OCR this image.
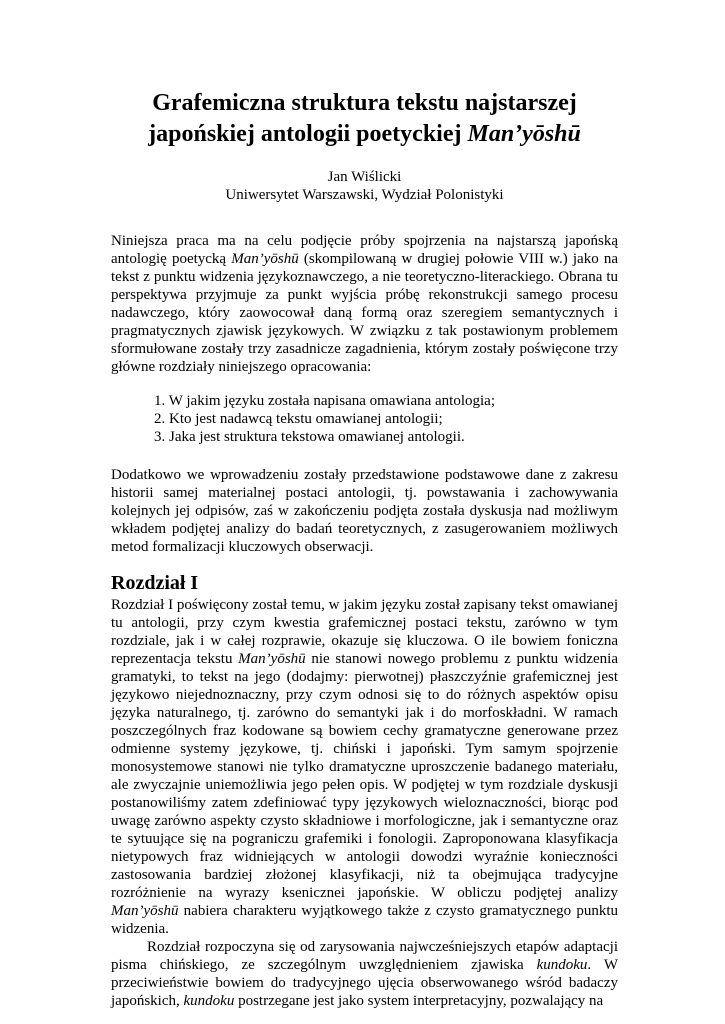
Grafemiczna struktura tekstu najstarszej
japońskiej antologii poetyckiej Man’yōshū
Jan Wiślicki
Uniwersytet Warszawski, Wydział Polonistyki

Niniejsza praca ma na celu podjęcie próby spojrzenia na najstarszą japońską antologię poetycką Man’yōshū (skompilowaną w drugiej połowie VIII w.) jako na tekst z punktu widzenia językoznawczego, a nie teoretyczno-literackiego. Obrana tu perspektywa przyjmuje za punkt wyjścia próbę rekonstrukcji samego procesu nadawczego, który zaowocował daną formą oraz szeregiem semantycznych i pragmatycznych zjawisk językowych. W związku z tak postawionym problemem sformułowane zostały trzy zasadnicze zagadnienia, którym zostały poświęcone trzy główne rozdziały niniejszego opracowania:

1. W jakim języku została napisana omawiana antologia;
2. Kto jest nadawcą tekstu omawianej antologii;
3. Jaka jest struktura tekstowa omawianej antologii.

Dodatkowo we wprowadzeniu zostały przedstawione podstawowe dane z zakresu historii samej materialnej postaci antologii, tj. powstawania i zachowywania kolejnych jej odpisów, zaś w zakończeniu podjęta została dyskusja nad możliwym wkładem podjętej analizy do badań teoretycznych, z zasugerowaniem możliwych metod formalizacji kluczowych obserwacji.

Rozdział I

Rozdział I poświęcony został temu, w jakim języku został zapisany tekst omawianej tu antologii, przy czym kwestia grafemicznej postaci tekstu, zarówno w tym rozdziale, jak i w całej rozprawie, okazuje się kluczowa. O ile bowiem foniczna reprezentacja tekstu Man’yōshū nie stanowi nowego problemu z punktu widzenia gramatyki, to tekst na jego (dodajmy: pierwotnej) płaszczyźnie grafemicznej jest językowo niejednoznaczny, przy czym odnosi się to do różnych aspektów opisu języka naturalnego, tj. zarówno do semantyki jak i do morfoskładni. W ramach poszczególnych fraz kodowane są bowiem cechy gramatyczne generowane przez odmienne systemy językowe, tj. chiński i japoński. Tym samym spojrzenie monosystemowe stanowi nie tylko dramatyczne uproszczenie badanego materiału, ale zwyczajnie uniemożliwia jego pełen opis. W podjętej w tym rozdziale dyskusji postanowiliśmy zatem zdefiniować typy językowych wieloznaczności, biorąc pod uwagę zarówno aspekty czysto składniowe i morfologiczne, jak i semantyczne oraz te sytuujące się na pograniczu grafemiki i fonologii. Zaproponowana klasyfikacja nietypowych fraz widniejących w antologii dowodzi wyraźnie konieczności zastosowania bardziej złożonej klasyfikacji, niż ta obejmująca tradycyjne rozróżnienie na wyrazy ksenicznei japońskie. W obliczu podjętej analizy Man’yōshū nabiera charakteru wyjątkowego także z czysto gramatycznego punktu widzenia.

Rozdział rozpoczyna się od zarysowania najwcześniejszych etapów adaptacji pisma chińskiego, ze szczególnym uwzględnieniem zjawiska kundoku. W przeciwieństwie bowiem do tradycyjnego ujęcia obserwowanego wśród badaczy japońskich, kundoku postrzegane jest jako system interpretacyjny, pozwalający na
